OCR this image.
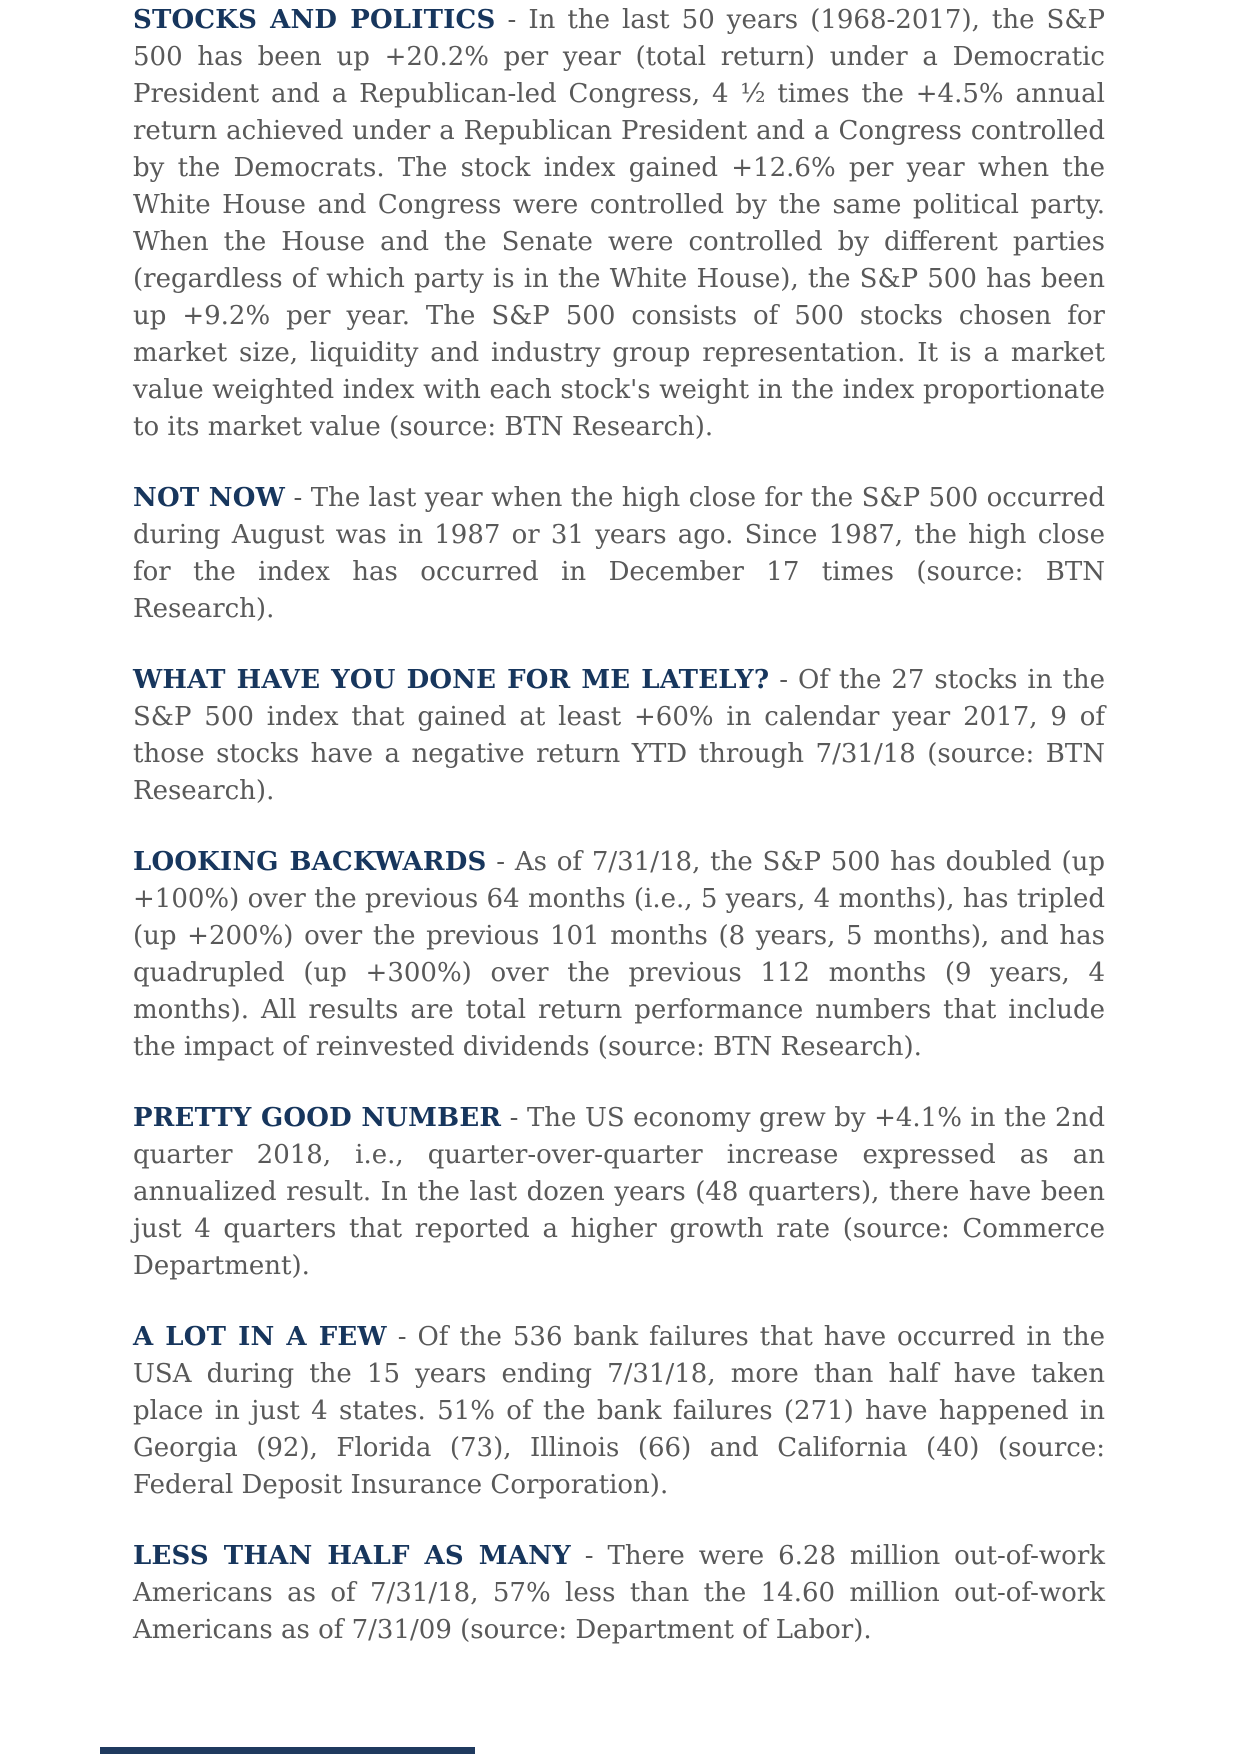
STOCKS AND POLITICS - In the last 50 years (1968-2017), the S&P 500 has been up +20.2% per year (total return) under a Democratic President and a Republican-led Congress, 4 ½ times the +4.5% annual return achieved under a Republican President and a Congress controlled by the Democrats. The stock index gained +12.6% per year when the White House and Congress were controlled by the same political party. When the House and the Senate were controlled by different parties (regardless of which party is in the White House), the S&P 500 has been up +9.2% per year. The S&P 500 consists of 500 stocks chosen for market size, liquidity and industry group representation. It is a market value weighted index with each stock's weight in the index proportionate to its market value (source: BTN Research).

NOT NOW - The last year when the high close for the S&P 500 occurred during August was in 1987 or 31 years ago. Since 1987, the high close for the index has occurred in December 17 times (source: BTN Research).

WHAT HAVE YOU DONE FOR ME LATELY? - Of the 27 stocks in the S&P 500 index that gained at least +60% in calendar year 2017, 9 of those stocks have a negative return YTD through 7/31/18 (source: BTN Research).

LOOKING BACKWARDS - As of 7/31/18, the S&P 500 has doubled (up +100%) over the previous 64 months (i.e., 5 years, 4 months), has tripled (up +200%) over the previous 101 months (8 years, 5 months), and has quadrupled (up +300%) over the previous 112 months (9 years, 4 months). All results are total return performance numbers that include the impact of reinvested dividends (source: BTN Research).

PRETTY GOOD NUMBER - The US economy grew by +4.1% in the 2nd quarter 2018, i.e., quarter-over-quarter increase expressed as an annualized result. In the last dozen years (48 quarters), there have been just 4 quarters that reported a higher growth rate (source: Commerce Department).

A LOT IN A FEW - Of the 536 bank failures that have occurred in the USA during the 15 years ending 7/31/18, more than half have taken place in just 4 states. 51% of the bank failures (271) have happened in Georgia (92), Florida (73), Illinois (66) and California (40) (source: Federal Deposit Insurance Corporation).

LESS THAN HALF AS MANY - There were 6.28 million out-of-work Americans as of 7/31/18, 57% less than the 14.60 million out-of-work Americans as of 7/31/09 (source: Department of Labor).
